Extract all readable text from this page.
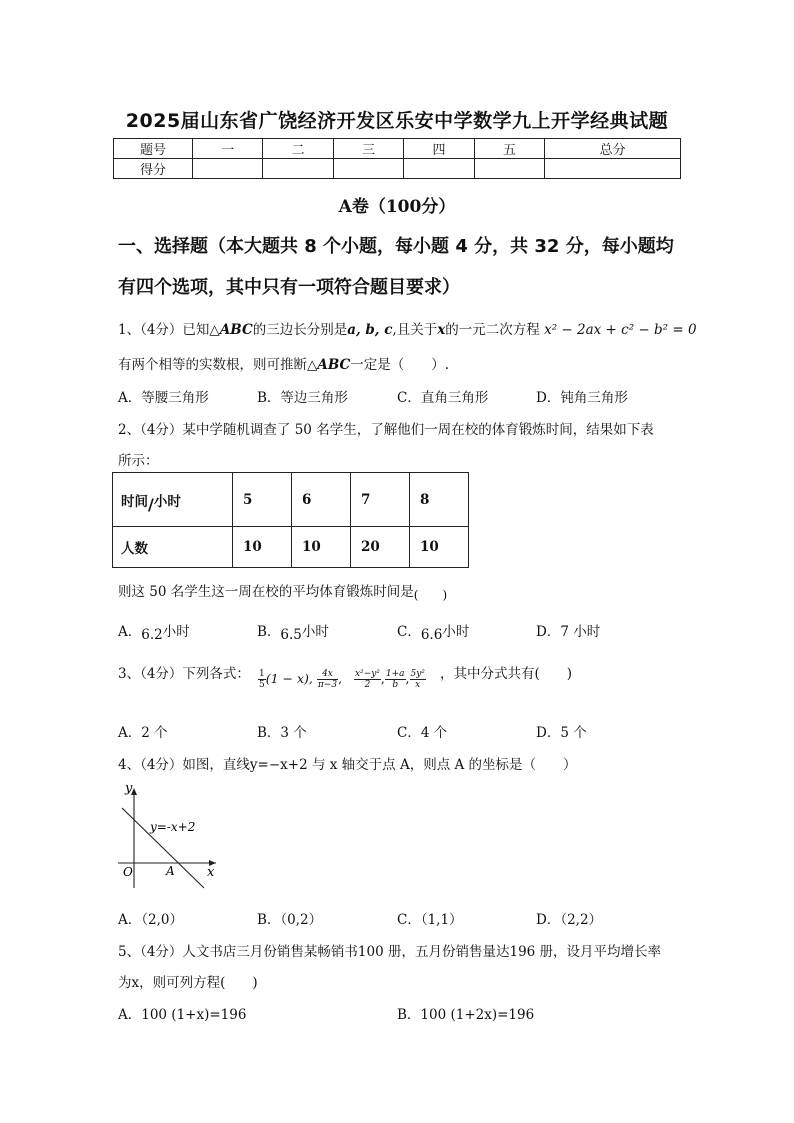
2025届山东省广饶经济开发区乐安中学数学九上开学经典试题
题号	一	二	三	四	五	总分
得分						
A卷（100分）
一、选择题（本大题共 8 个小题，每小题 4 分，共 32 分，每小题均
有四个选项，其中只有一项符合题目要求）
1、（4分）已知△ABC的三边长分别是a, b, c,且关于x的一元二次方程 x² − 2ax + c² − b² = 0
有两个相等的实数根，则可推断△ABC一定是（　　）.
A．等腰三角形	B．等边三角形	C．直角三角形	D．钝角三角形
2、（4分）某中学随机调查了 50 名学生，了解他们一周在校的体育锻炼时间，结果如下表
所示：
时间/小时	5	6	7	8
人数	10	10	20	10
则这 50 名学生这一周在校的平均体育锻炼时间是(　　)
A．6.2小时	B．6.5小时	C．6.6小时	D．7 小时
3、（4分）下列各式： $\frac{1}{5} (1 - x)$, $\frac{4x}{\pi-3}$ , $\frac{\text{x²−y²}}{2}$ , $\frac{1+a}{b}$ , $\frac{\text{5y²}}{x}$ ，其中分式共有(　　)
A．2 个	B．3 个	C．4 个	D．5 个
4、（4分）如图，直线y=−x+2 与 x 轴交于点 A，则点 A 的坐标是（　　）
y
x
O	A
y=-x+2
A．（2,0）	B．（0,2）	C．（1,1）	D．（2,2）
5、（4分）人文书店三月份销售某畅销书100 册，五月份销售量达196 册，设月平均增长率
为x，则可列方程(　　)
A．100 (1+x)=196	B．100 (1+2x)=196
